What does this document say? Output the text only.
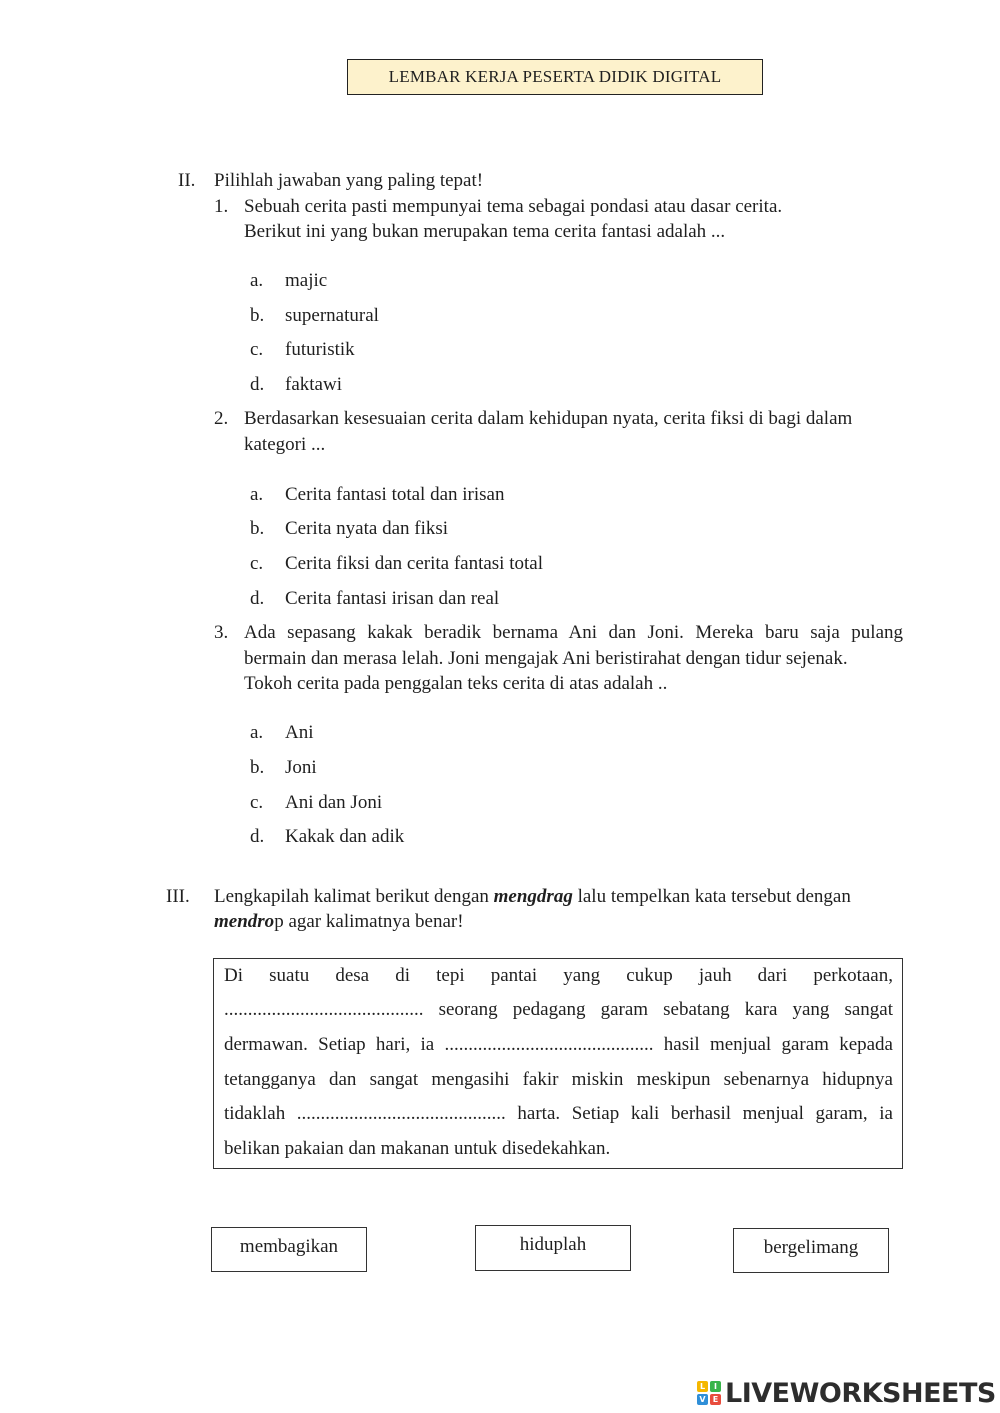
LEMBAR KERJA PESERTA DIDIK DIGITAL
II. Pilihlah jawaban yang paling tepat!
1. Sebuah cerita pasti mempunyai tema sebagai pondasi atau dasar cerita.
Berikut ini yang bukan merupakan tema cerita fantasi adalah ...
a.	majic
b.	supernatural
c.	futuristik
d.	faktawi
2. Berdasarkan kesesuaian cerita dalam kehidupan nyata, cerita fiksi di bagi dalam
kategori ...
a.	Cerita fantasi total dan irisan
b.	Cerita nyata dan fiksi
c.	Cerita fiksi dan cerita fantasi total
d.	Cerita fantasi irisan dan real
3. Ada sepasang kakak beradik bernama Ani dan Joni. Mereka baru saja pulang
bermain dan merasa lelah. Joni mengajak Ani beristirahat dengan tidur sejenak.
Tokoh cerita pada penggalan teks cerita di atas adalah ..
a.	Ani
b.	Joni
c.	Ani dan Joni
d.	Kakak dan adik
III.	Lengkapilah kalimat berikut dengan mengdrag lalu tempelkan kata tersebut dengan
mendrop agar kalimatnya benar!
Di suatu desa di tepi pantai yang cukup jauh dari perkotaan,
.......................................... seorang pedagang garam sebatang kara yang sangat
dermawan. Setiap hari, ia ............................................ hasil menjual garam kepada
tetangganya dan sangat mengasihi fakir miskin meskipun sebenarnya hidupnya
tidaklah ............................................ harta. Setiap kali berhasil menjual garam, ia
belikan pakaian dan makanan untuk disedekahkan.
membagikan	hiduplah	bergelimang
L	I
V E LIVEWORKSHEETS
